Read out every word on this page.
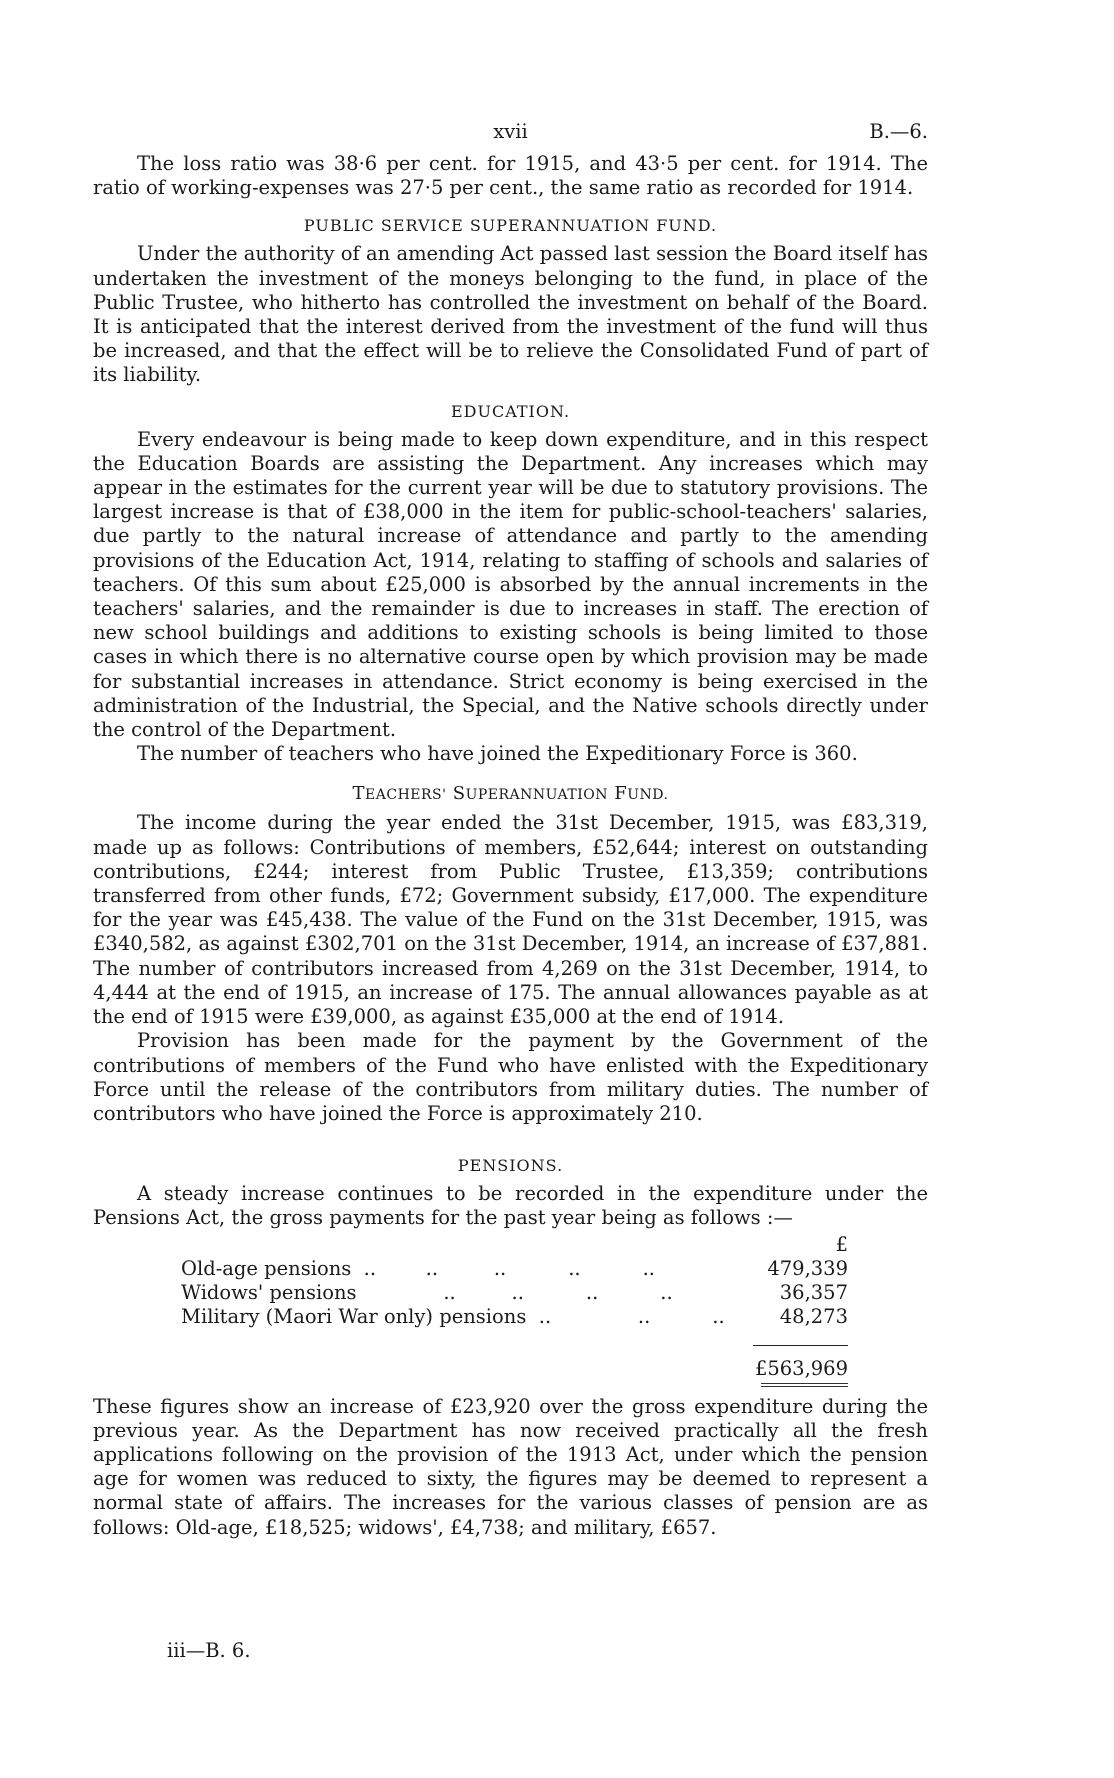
xvii	B.—6.

The loss ratio was 38·6 per cent. for 1915, and 43·5 per cent. for 1914. The ratio of working-expenses was 27·5 per cent., the same ratio as recorded for 1914.

PUBLIC SERVICE SUPERANNUATION FUND.

Under the authority of an amending Act passed last session the Board itself has undertaken the investment of the moneys belonging to the fund, in place of the Public Trustee, who hitherto has controlled the investment on behalf of the Board. It is anticipated that the interest derived from the investment of the fund will thus be increased, and that the effect will be to relieve the Consolidated Fund of part of its liability.

EDUCATION.

Every endeavour is being made to keep down expenditure, and in this respect the Education Boards are assisting the Department. Any increases which may appear in the estimates for the current year will be due to statutory provisions. The largest increase is that of £38,000 in the item for public-school-teachers' salaries, due partly to the natural increase of attendance and partly to the amending provisions of the Education Act, 1914, relating to staffing of schools and salaries of teachers. Of this sum about £25,000 is absorbed by the annual increments in the teachers' salaries, and the remainder is due to increases in staff. The erection of new school buildings and additions to existing schools is being limited to those cases in which there is no alternative course open by which provision may be made for substantial increases in attendance. Strict economy is being exercised in the administration of the Industrial, the Special, and the Native schools directly under the control of the Department.

The number of teachers who have joined the Expeditionary Force is 360.

TEACHERS' SUPERANNUATION FUND.

The income during the year ended the 31st December, 1915, was £83,319, made up as follows: Contributions of members, £52,644; interest on outstanding contributions, £244; interest from Public Trustee, £13,359; contributions transferred from other funds, £72; Government subsidy, £17,000. The expenditure for the year was £45,438. The value of the Fund on the 31st December, 1915, was £340,582, as against £302,701 on the 31st December, 1914, an increase of £37,881. The number of contributors increased from 4,269 on the 31st December, 1914, to 4,444 at the end of 1915, an increase of 175. The annual allowances payable as at the end of 1915 were £39,000, as against £35,000 at the end of 1914.

Provision has been made for the payment by the Government of the contributions of members of the Fund who have enlisted with the Expeditionary Force until the release of the contributors from military duties. The number of contributors who have joined the Force is approximately 210.

PENSIONS.

A steady increase continues to be recorded in the expenditure under the Pensions Act, the gross payments for the past year being as follows :—

£
Old-age pensions  ..        ..         ..          ..          ..	479,339
Widows' pensions              ..         ..          ..          ..	36,357
Military (Maori War only) pensions  ..              ..          ..	48,273
£563,969

These figures show an increase of £23,920 over the gross expenditure during the previous year. As the Department has now received practically all the fresh applications following on the provision of the 1913 Act, under which the pension age for women was reduced to sixty, the figures may be deemed to represent a normal state of affairs. The increases for the various classes of pension are as follows: Old-age, £18,525; widows', £4,738; and military, £657.

iii—B. 6.
